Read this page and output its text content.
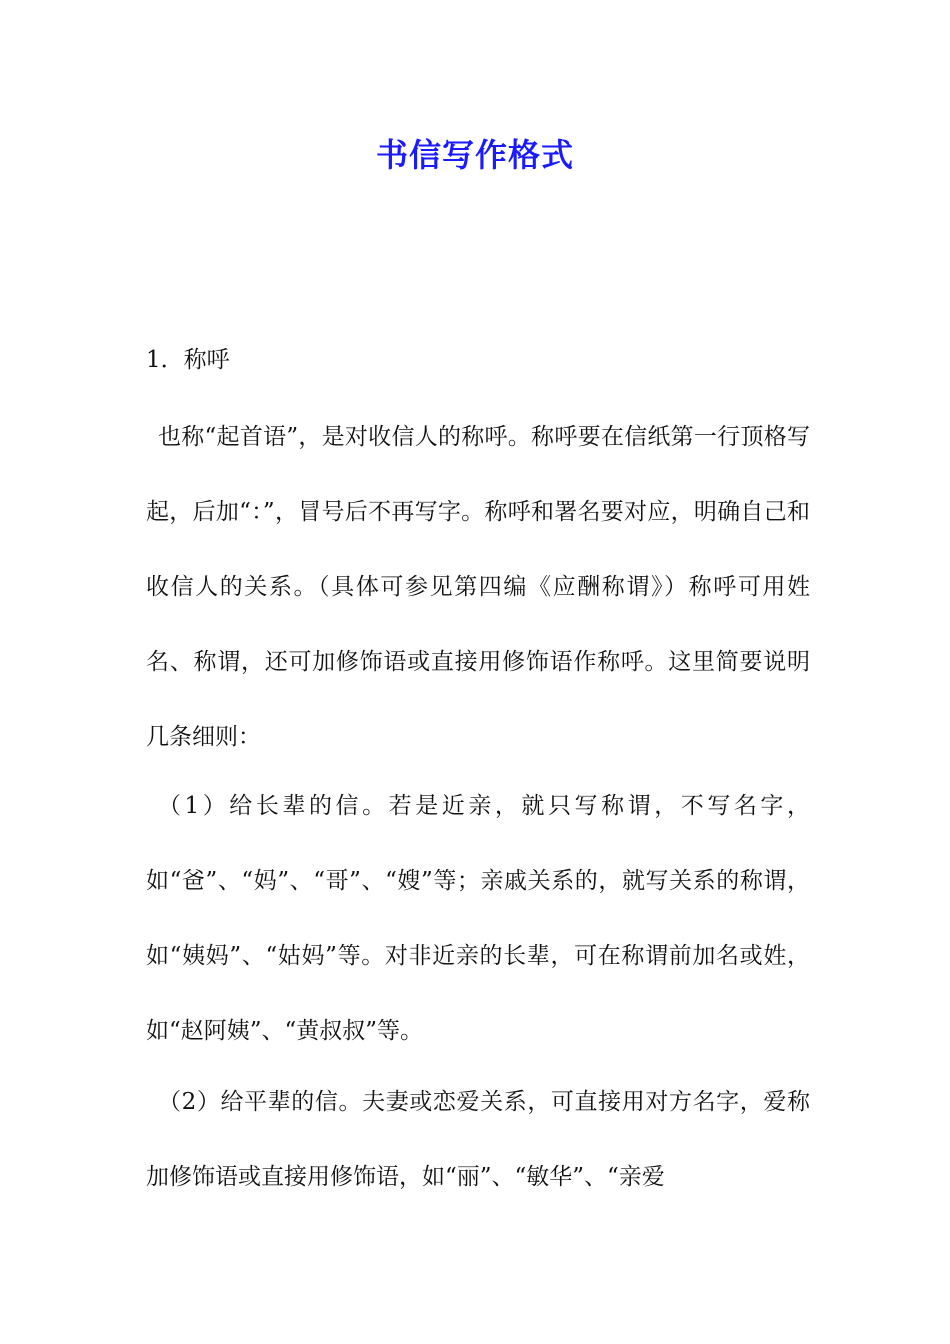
书信写作格式

1．称呼

也称“起首语”，是对收信人的称呼。称呼要在信纸第一行顶格写起，后加“：”，冒号后不再写字。称呼和署名要对应，明确自己和收信人的关系。（具体可参见第四编《应酬称谓》）称呼可用姓名、称谓，还可加修饰语或直接用修饰语作称呼。这里简要说明几条细则：

（1）给长辈的信。若是近亲，就只写称谓，不写名字，如“爸”、“妈”、“哥”、“嫂”等；亲戚关系的，就写关系的称谓，如“姨妈”、“姑妈”等。对非近亲的长辈，可在称谓前加名或姓，如“赵阿姨”、“黄叔叔”等。

（2）给平辈的信。夫妻或恋爱关系，可直接用对方名字，爱称加修饰语或直接用修饰语，如“丽”、“敏华”、“亲爱
